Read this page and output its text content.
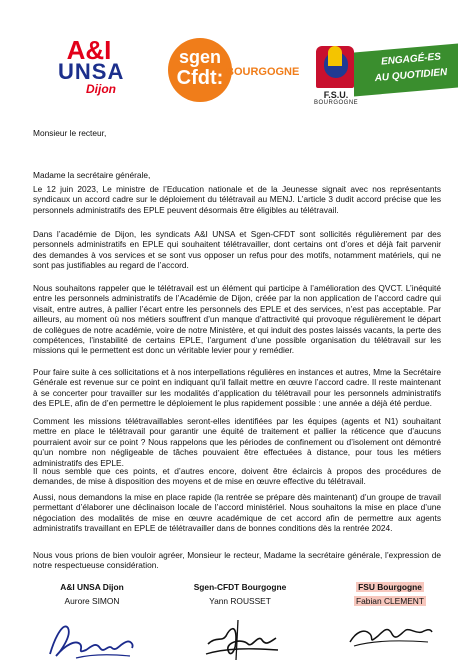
A&I
UNSA
Dijon
sgen
Cfdt: BOURGOGNE
F.S.U.
BOURGOGNE
ENGAGÉ-ES
AU QUOTIDIEN
Monsieur le recteur,
Madame la secrétaire générale,
Le 12 juin 2023, Le ministre de l’Education nationale et de la Jeunesse signait avec nos représentants syndicaux un accord cadre sur le déploiement du télétravail au MENJ. L’article 3 dudit accord précise que les personnels administratifs des EPLE peuvent désormais être éligibles au télétravail.
Dans l’académie de Dijon, les syndicats A&I UNSA et Sgen-CFDT sont sollicités régulièrement par des personnels administratifs en EPLE qui souhaitent télétravailler, dont certains ont d’ores et déjà fait parvenir des demandes à vos services et se sont vus opposer un refus pour des motifs, notamment matériels, qui ne sont pas justifiables au regard de l’accord.
Nous souhaitons rappeler que le télétravail est un élément qui participe à l’amélioration des QVCT. L’inéquité entre les personnels administratifs de l’Académie de Dijon, créée par la non application de l’accord cadre qui visait, entre autres, à pallier l’écart entre les personnels des EPLE et des services, n’est pas acceptable. Par ailleurs, au moment où nos métiers souffrent d’un manque d’attractivité qui provoque régulièrement le départ de collègues de notre académie, voire de notre Ministère, et qui induit des postes laissés vacants, la perte des compétences, l’instabilité de certains EPLE, l’argument d’une possible organisation du télétravail sur les missions qui le permettent est donc un véritable levier pour y remédier.
Pour faire suite à ces sollicitations et à nos interpellations régulières en instances et autres, Mme la Secrétaire Générale est revenue sur ce point en indiquant qu’il fallait mettre en œuvre l’accord cadre. Il reste maintenant à se concerter pour travailler sur les modalités d’application du télétravail pour les personnels administratifs des EPLE, afin de d’en permettre le déploiement le plus rapidement possible : une année a déjà été perdue.
Comment les missions télétravaillables seront-elles identifiées par les équipes (agents et N1) souhaitant mettre en place le télétravail pour garantir une équité de traitement et pallier la réticence que d’aucuns pourraient avoir sur ce point ? Nous rappelons que les périodes de confinement ou d’isolement ont démontré qu’un nombre non négligeable de tâches pouvaient être effectuées à distance, pour tous les métiers administratifs des EPLE.
Il nous semble que ces points, et d’autres encore, doivent être éclaircis à propos des procédures de demandes, de mise à disposition des moyens et de mise en œuvre effective du télétravail.
Aussi, nous demandons la mise en place rapide (la rentrée se prépare dès maintenant) d’un groupe de travail permettant d’élaborer une déclinaison locale de l’accord ministériel. Nous souhaitons la mise en place d’une négociation des modalités de mise en œuvre académique de cet accord afin de permettre aux agents administratifs travaillant en EPLE de télétravailler dans de bonnes conditions dès la rentrée 2024.
Nous vous prions de bien vouloir agréer, Monsieur le recteur, Madame la secrétaire générale, l’expression de notre respectueuse considération.
A&I UNSA Dijon
Aurore SIMON
Sgen-CFDT Bourgogne
Yann ROUSSET
FSU Bourgogne
Fabian CLEMENT
